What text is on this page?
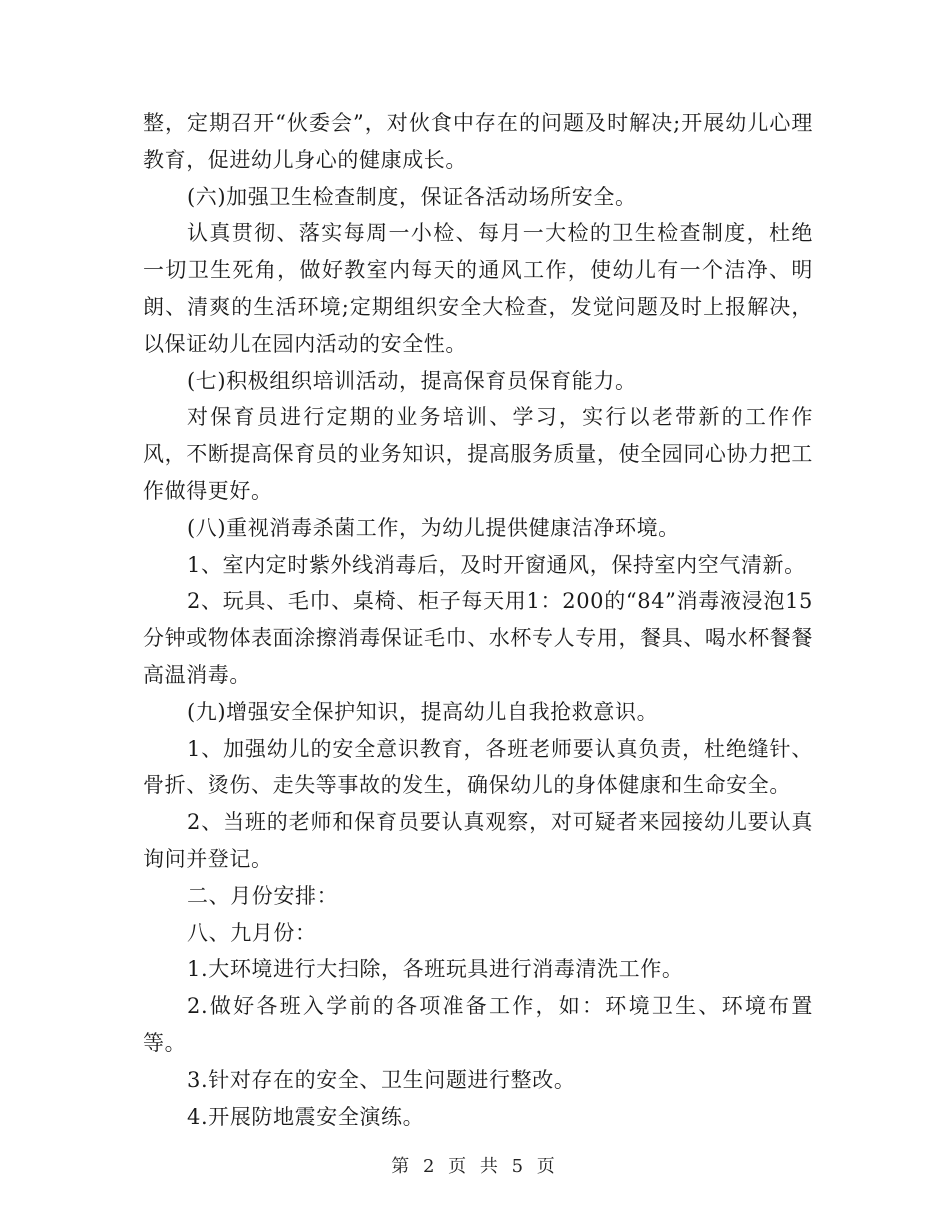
整，定期召开“伙委会”，对伙食中存在的问题及时解决;开展幼儿心理教育，促进幼儿身心的健康成长。

(六)加强卫生检查制度，保证各活动场所安全。

认真贯彻、落实每周一小检、每月一大检的卫生检查制度，杜绝一切卫生死角，做好教室内每天的通风工作，使幼儿有一个洁净、明朗、清爽的生活环境;定期组织安全大检查，发觉问题及时上报解决，以保证幼儿在园内活动的安全性。

(七)积极组织培训活动，提高保育员保育能力。

对保育员进行定期的业务培训、学习，实行以老带新的工作作风，不断提高保育员的业务知识，提高服务质量，使全园同心协力把工作做得更好。

(八)重视消毒杀菌工作，为幼儿提供健康洁净环境。

1、室内定时紫外线消毒后，及时开窗通风，保持室内空气清新。

2、玩具、毛巾、桌椅、柜子每天用1：200的“84”消毒液浸泡15分钟或物体表面涂擦消毒保证毛巾、水杯专人专用，餐具、喝水杯餐餐高温消毒。

(九)增强安全保护知识，提高幼儿自我抢救意识。

1、加强幼儿的安全意识教育，各班老师要认真负责，杜绝缝针、骨折、烫伤、走失等事故的发生，确保幼儿的身体健康和生命安全。

2、当班的老师和保育员要认真观察，对可疑者来园接幼儿要认真询问并登记。

二、月份安排：

八、九月份：

1.大环境进行大扫除，各班玩具进行消毒清洗工作。

2.做好各班入学前的各项准备工作，如：环境卫生、环境布置等。

3.针对存在的安全、卫生问题进行整改。

4.开展防地震安全演练。

第 2 页 共 5 页
